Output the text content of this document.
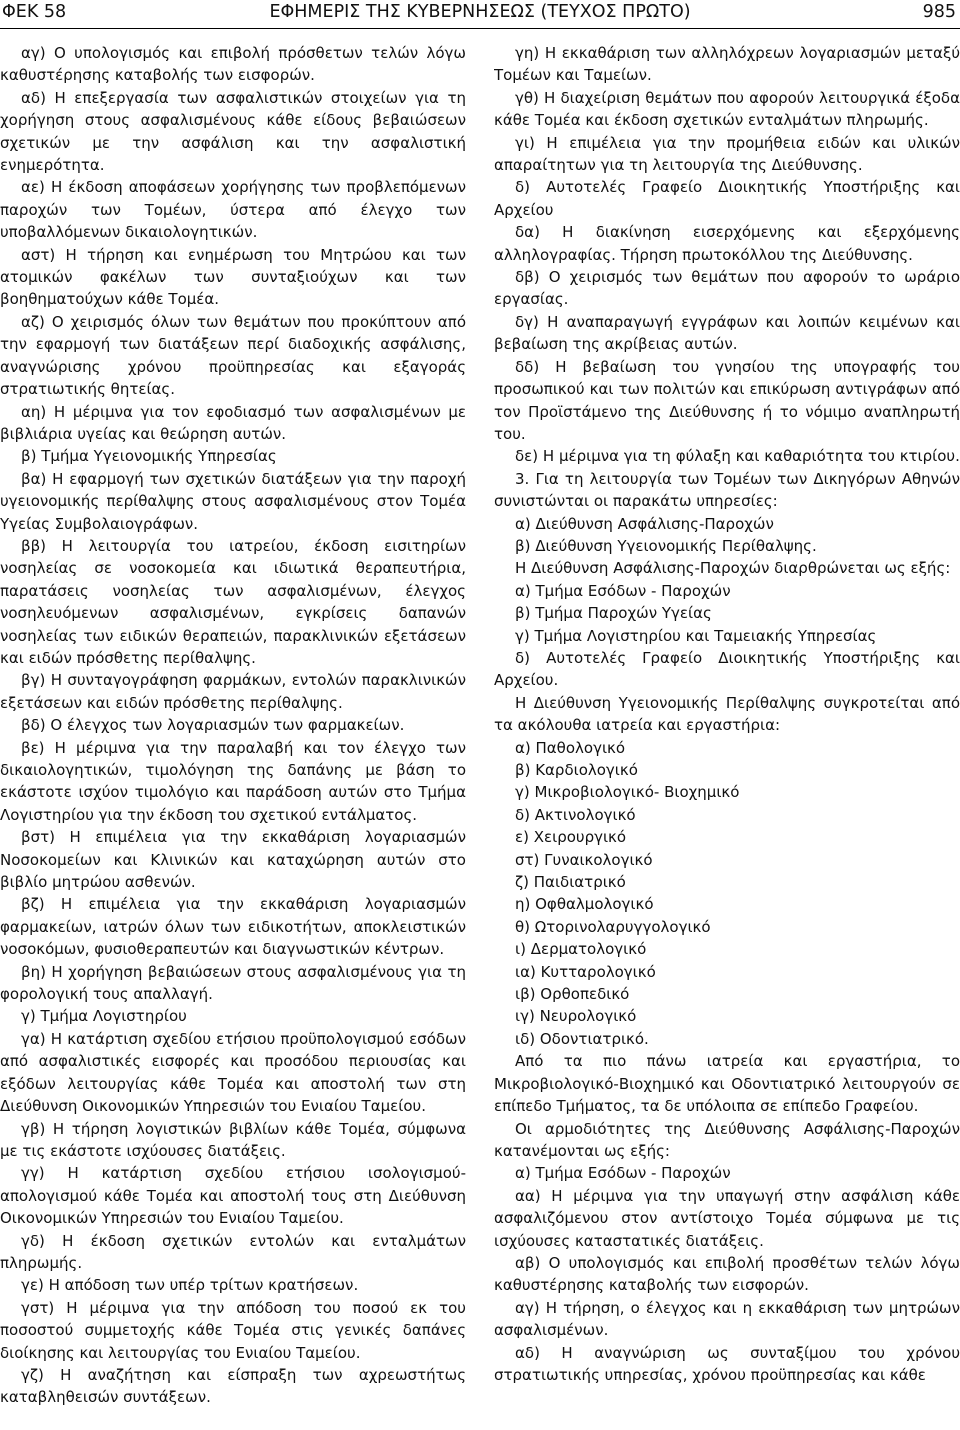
ΕΦΗΜΕΡΙΣ ΤΗΣ ΚΥΒΕΡΝΗΣΕΩΣ (ΤΕΥΧΟΣ ΠΡΩΤΟ)
ΦΕΚ 58	985

αγ) Ο υπολογισμός και επιβολή πρόσθετων τελών λόγω καθυστέρησης καταβολής των εισφορών.

αδ) Η επεξεργασία των ασφαλιστικών στοιχείων για τη χορήγηση στους ασφαλισμένους κάθε είδους βεβαιώσεων σχετικών με την ασφάλιση και την ασφαλιστική ενημερότητα.

αε) Η έκδοση αποφάσεων χορήγησης των προβλεπόμενων παροχών των Τομέων, ύστερα από έλεγχο των υποβαλλόμενων δικαιολογητικών.

αστ) Η τήρηση και ενημέρωση του Μητρώου και των ατομικών φακέλων των συνταξιούχων και των βοηθηματούχων κάθε Τομέα.

αζ) Ο χειρισμός όλων των θεμάτων που προκύπτουν από την εφαρμογή των διατάξεων περί διαδοχικής ασφάλισης, αναγνώρισης χρόνου προϋπηρεσίας και εξαγοράς στρατιωτικής θητείας.

αη) Η μέριμνα για τον εφοδιασμό των ασφαλισμένων με βιβλιάρια υγείας και θεώρηση αυτών.

β) Τμήμα Υγειονομικής Υπηρεσίας

βα) Η εφαρμογή των σχετικών διατάξεων για την παροχή υγειονομικής περίθαλψης στους ασφαλισμένους στον Τομέα Υγείας Συμβολαιογράφων.

ββ) Η λειτουργία του ιατρείου, έκδοση εισιτηρίων νοσηλείας σε νοσοκομεία και ιδιωτικά θεραπευτήρια, παρατάσεις νοσηλείας των ασφαλισμένων, έλεγχος νοσηλευόμενων ασφαλισμένων, εγκρίσεις δαπανών νοσηλείας των ειδικών θεραπειών, παρακλινικών εξετάσεων και ειδών πρόσθετης περίθαλψης.

βγ) Η συνταγογράφηση φαρμάκων, εντολών παρακλινικών εξετάσεων και ειδών πρόσθετης περίθαλψης.

βδ) Ο έλεγχος των λογαριασμών των φαρμακείων.

βε) Η μέριμνα για την παραλαβή και τον έλεγχο των δικαιολογητικών, τιμολόγηση της δαπάνης με βάση το εκάστοτε ισχύον τιμολόγιο και παράδοση αυτών στο Τμήμα Λογιστηρίου για την έκδοση του σχετικού εντάλματος.

βστ) Η επιμέλεια για την εκκαθάριση λογαριασμών Νοσοκομείων και Κλινικών και καταχώρηση αυτών στο βιβλίο μητρώου ασθενών.

βζ) Η επιμέλεια για την εκκαθάριση λογαριασμών φαρμακείων, ιατρών όλων των ειδικοτήτων, αποκλειστικών νοσοκόμων, φυσιοθεραπευτών και διαγνωστικών κέντρων.

βη) Η χορήγηση βεβαιώσεων στους ασφαλισμένους για τη φορολογική τους απαλλαγή.

γ) Τμήμα Λογιστηρίου

γα) Η κατάρτιση σχεδίου ετήσιου προϋπολογισμού εσόδων από ασφαλιστικές εισφορές και προσόδου περιουσίας και εξόδων λειτουργίας κάθε Τομέα και αποστολή των στη Διεύθυνση Οικονομικών Υπηρεσιών του Ενιαίου Ταμείου.

γβ) Η τήρηση λογιστικών βιβλίων κάθε Τομέα, σύμφωνα με τις εκάστοτε ισχύουσες διατάξεις.

γγ) Η κατάρτιση σχεδίου ετήσιου ισολογισμού-απολογισμού κάθε Τομέα και αποστολή τους στη Διεύθυνση Οικονομικών Υπηρεσιών του Ενιαίου Ταμείου.

γδ) Η έκδοση σχετικών εντολών και ενταλμάτων πληρωμής.

γε) Η απόδοση των υπέρ τρίτων κρατήσεων.

γστ) Η μέριμνα για την απόδοση του ποσού εκ του ποσοστού συμμετοχής κάθε Τομέα στις γενικές δαπάνες διοίκησης και λειτουργίας του Ενιαίου Ταμείου.

γζ) Η αναζήτηση και είσπραξη των αχρεωστήτως καταβληθεισών συντάξεων.

γη) Η εκκαθάριση των αλληλόχρεων λογαριασμών μεταξύ Τομέων και Ταμείων.

γθ) Η διαχείριση θεμάτων που αφορούν λειτουργικά έξοδα κάθε Τομέα και έκδοση σχετικών ενταλμάτων πληρωμής.

γι) Η επιμέλεια για την προμήθεια ειδών και υλικών απαραίτητων για τη λειτουργία της Διεύθυνσης.

δ) Αυτοτελές Γραφείο Διοικητικής Υποστήριξης και Αρχείου

δα) Η διακίνηση εισερχόμενης και εξερχόμενης αλληλογραφίας. Τήρηση πρωτοκόλλου της Διεύθυνσης.

δβ) Ο χειρισμός των θεμάτων που αφορούν το ωράριο εργασίας.

δγ) Η αναπαραγωγή εγγράφων και λοιπών κειμένων και βεβαίωση της ακρίβειας αυτών.

δδ) Η βεβαίωση του γνησίου της υπογραφής του προσωπικού και των πολιτών και επικύρωση αντιγράφων από τον Προϊστάμενο της Διεύθυνσης ή το νόμιμο αναπληρωτή του.

δε) Η μέριμνα για τη φύλαξη και καθαριότητα του κτιρίου.

3. Για τη λειτουργία των Τομέων των Δικηγόρων Αθηνών συνιστώνται οι παρακάτω υπηρεσίες:

α) Διεύθυνση Ασφάλισης-Παροχών

β) Διεύθυνση Υγειονομικής Περίθαλψης.

Η Διεύθυνση Ασφάλισης-Παροχών διαρθρώνεται ως εξής:

α) Τμήμα Εσόδων - Παροχών

β) Τμήμα Παροχών Υγείας

γ) Τμήμα Λογιστηρίου και Ταμειακής Υπηρεσίας

δ) Αυτοτελές Γραφείο Διοικητικής Υποστήριξης και Αρχείου.

Η Διεύθυνση Υγειονομικής Περίθαλψης συγκροτείται από τα ακόλουθα ιατρεία και εργαστήρια:

α) Παθολογικό

β) Καρδιολογικό

γ) Μικροβιολογικό- Βιοχημικό

δ) Ακτινολογικό

ε) Χειρουργικό

στ) Γυναικολογικό

ζ) Παιδιατρικό

η) Οφθαλμολογικό

θ) Ωτορινολαρυγγολογικό

ι) Δερματολογικό

ια) Κυτταρολογικό

ιβ) Ορθοπεδικό

ιγ) Νευρολογικό

ιδ) Οδοντιατρικό.

Από τα πιο πάνω ιατρεία και εργαστήρια, το Μικροβιολογικό-Βιοχημικό και Οδοντιατρικό λειτουργούν σε επίπεδο Τμήματος, τα δε υπόλοιπα σε επίπεδο Γραφείου.

Οι αρμοδιότητες της Διεύθυνσης Ασφάλισης-Παροχών κατανέμονται ως εξής:

α) Τμήμα Εσόδων - Παροχών

αα) Η μέριμνα για την υπαγωγή στην ασφάλιση κάθε ασφαλιζόμενου στον αντίστοιχο Τομέα σύμφωνα με τις ισχύουσες καταστατικές διατάξεις.

αβ) Ο υπολογισμός και επιβολή προσθέτων τελών λόγω καθυστέρησης καταβολής των εισφορών.

αγ) Η τήρηση, ο έλεγχος και η εκκαθάριση των μητρώων ασφαλισμένων.

αδ) Η αναγνώριση ως συνταξίμου του χρόνου στρατιωτικής υπηρεσίας, χρόνου προϋπηρεσίας και κάθε
